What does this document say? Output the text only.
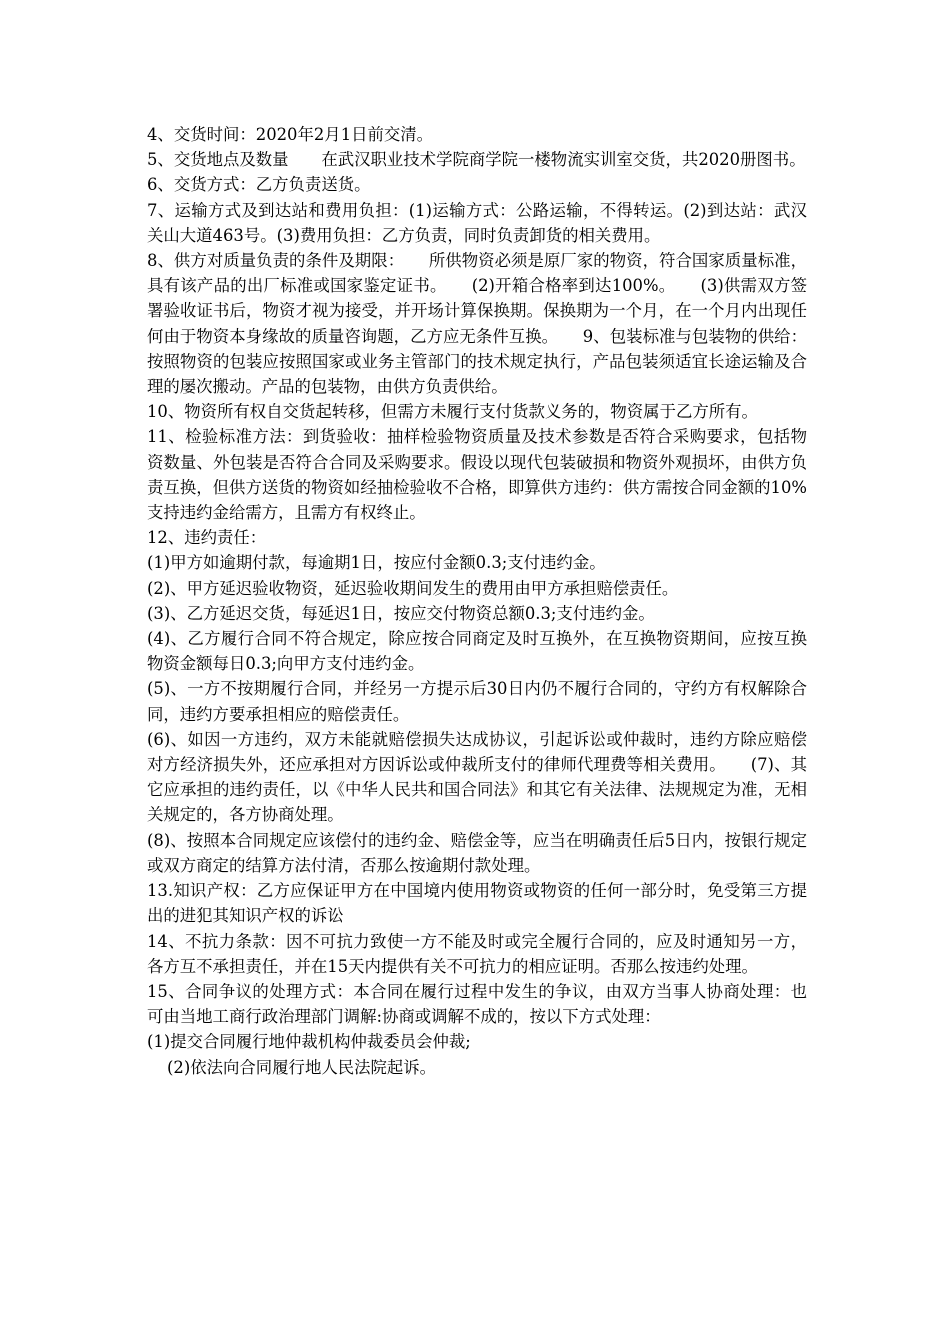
4、交货时间：2020年2月1日前交清。

5、交货地点及数量　　在武汉职业技术学院商学院一楼物流实训室交货，共2020册图书。

6、交货方式：乙方负责送货。

7、运输方式及到达站和费用负担：(1)运输方式：公路运输，不得转运。(2)到达站：武汉关山大道463号。(3)费用负担：乙方负责，同时负责卸货的相关费用。

8、供方对质量负责的条件及期限：　　所供物资必须是原厂家的物资，符合国家质量标准，具有该产品的出厂标准或国家鉴定证书。　　(2)开箱合格率到达100%。　　(3)供需双方签署验收证书后，物资才视为接受，并开场计算保换期。保换期为一个月，在一个月内出现任何由于物资本身缘故的质量咨询题，乙方应无条件互换。　　9、包装标准与包装物的供给：按照物资的包装应按照国家或业务主管部门的技术规定执行，产品包装须适宜长途运输及合理的屡次搬动。产品的包装物，由供方负责供给。

10、物资所有权自交货起转移，但需方未履行支付货款义务的，物资属于乙方所有。

11、检验标准方法：到货验收：抽样检验物资质量及技术参数是否符合采购要求，包括物资数量、外包装是否符合合同及采购要求。假设以现代包装破损和物资外观损坏，由供方负责互换，但供方送货的物资如经抽检验收不合格，即算供方违约：供方需按合同金额的10%支持违约金给需方，且需方有权终止。

12、违约责任：

(1)甲方如逾期付款，每逾期1日，按应付金额0.3;支付违约金。

(2)、甲方延迟验收物资，延迟验收期间发生的费用由甲方承担赔偿责任。

(3)、乙方延迟交货，每延迟1日，按应交付物资总额0.3;支付违约金。

(4)、乙方履行合同不符合规定，除应按合同商定及时互换外，在互换物资期间，应按互换物资金额每日0.3;向甲方支付违约金。

(5)、一方不按期履行合同，并经另一方提示后30日内仍不履行合同的，守约方有权解除合同，违约方要承担相应的赔偿责任。

(6)、如因一方违约，双方未能就赔偿损失达成协议，引起诉讼或仲裁时，违约方除应赔偿对方经济损失外，还应承担对方因诉讼或仲裁所支付的律师代理费等相关费用。　　(7)、其它应承担的违约责任，以《中华人民共和国合同法》和其它有关法律、法规规定为准，无相关规定的，各方协商处理。

(8)、按照本合同规定应该偿付的违约金、赔偿金等，应当在明确责任后5日内，按银行规定或双方商定的结算方法付清，否那么按逾期付款处理。

13.知识产权：乙方应保证甲方在中国境内使用物资或物资的任何一部分时，免受第三方提出的进犯其知识产权的诉讼

14、不抗力条款：因不可抗力致使一方不能及时或完全履行合同的，应及时通知另一方，各方互不承担责任，并在15天内提供有关不可抗力的相应证明。否那么按违约处理。

15、合同争议的处理方式：本合同在履行过程中发生的争议，由双方当事人协商处理：也可由当地工商行政治理部门调解:协商或调解不成的，按以下方式处理：

(1)提交合同履行地仲裁机构仲裁委员会仲裁;

(2)依法向合同履行地人民法院起诉。
